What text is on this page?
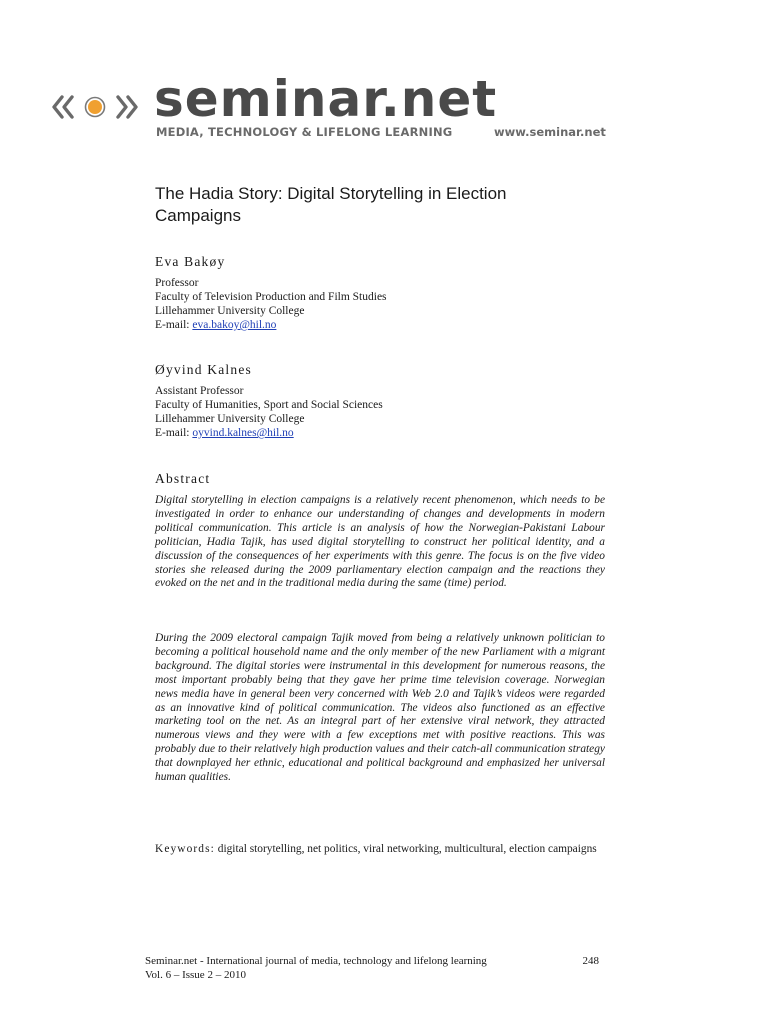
seminar.net
MEDIA, TECHNOLOGY & LIFELONG LEARNING	www.seminar.net
The Hadia Story: Digital Storytelling in Election Campaigns
Eva Bakøy
Professor
Faculty of Television Production and Film Studies
Lillehammer University College
E-mail: eva.bakoy@hil.no
Øyvind Kalnes
Assistant Professor
Faculty of Humanities, Sport and Social Sciences
Lillehammer University College
E-mail: oyvind.kalnes@hil.no
Abstract

Digital storytelling in election campaigns is a relatively recent phenomenon, which needs to be investigated in order to enhance our understanding of changes and developments in modern political communication. This article is an analysis of how the Norwegian-Pakistani Labour politician, Hadia Tajik, has used digital storytelling to construct her political identity, and a discussion of the consequences of her experiments with this genre. The focus is on the five video stories she released during the 2009 parliamentary election campaign and the reactions they evoked on the net and in the traditional media during the same (time) period.

During the 2009 electoral campaign Tajik moved from being a relatively unknown politician to becoming a political household name and the only member of the new Parliament with a migrant background. The digital stories were instrumental in this development for numerous reasons, the most important probably being that they gave her prime time television coverage. Norwegian news media have in general been very concerned with Web 2.0 and Tajik’s videos were regarded as an innovative kind of political communication. The videos also functioned as an effective marketing tool on the net. As an integral part of her extensive viral network, they attracted numerous views and they were with a few exceptions met with positive reactions. This was probably due to their relatively high production values and their catch-all communication strategy that downplayed her ethnic, educational and political background and emphasized her universal human qualities.

Keywords: digital storytelling, net politics, viral networking, multicultural, election campaigns

Seminar.net - International journal of media, technology and lifelong learning	248
Vol. 6 – Issue 2 – 2010
